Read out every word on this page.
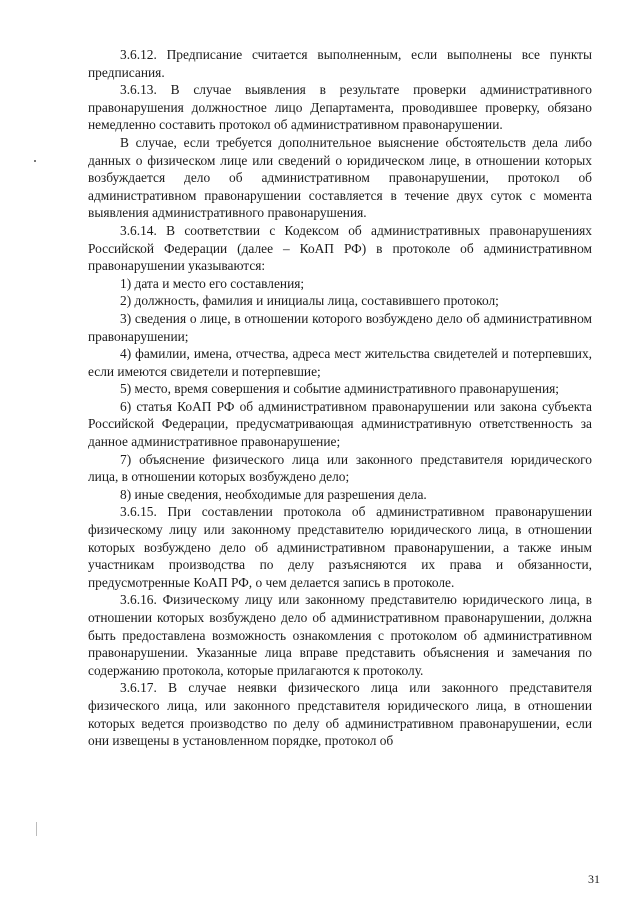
3.6.12. Предписание считается выполненным, если выполнены все пункты предписания.

3.6.13. В случае выявления в результате проверки административного правонарушения должностное лицо Департамента, проводившее проверку, обязано немедленно составить протокол об административном правонарушении.

В случае, если требуется дополнительное выяснение обстоятельств дела либо данных о физическом лице или сведений о юридическом лице, в отношении которых возбуждается дело об административном правонарушении, протокол об административном правонарушении составляется в течение двух суток с момента выявления административного правонарушения.

3.6.14. В соответствии с Кодексом об административных правонарушениях Российской Федерации (далее – КоАП РФ) в протоколе об административном правонарушении указываются:

1) дата и место его составления;

2) должность, фамилия и инициалы лица, составившего протокол;

3) сведения о лице, в отношении которого возбуждено дело об административном правонарушении;

4) фамилии, имена, отчества, адреса мест жительства свидетелей и потерпевших, если имеются свидетели и потерпевшие;

5) место, время совершения и событие административного правонарушения;

6) статья КоАП РФ об административном правонарушении или закона субъекта Российской Федерации, предусматривающая административную ответственность за данное административное правонарушение;

7) объяснение физического лица или законного представителя юридического лица, в отношении которых возбуждено дело;

8) иные сведения, необходимые для разрешения дела.

3.6.15. При составлении протокола об административном правонарушении физическому лицу или законному представителю юридического лица, в отношении которых возбуждено дело об административном правонарушении, а также иным участникам производства по делу разъясняются их права и обязанности, предусмотренные КоАП РФ, о чем делается запись в протоколе.

3.6.16. Физическому лицу или законному представителю юридического лица, в отношении которых возбуждено дело об административном правонарушении, должна быть предоставлена возможность ознакомления с протоколом об административном правонарушении. Указанные лица вправе представить объяснения и замечания по содержанию протокола, которые прилагаются к протоколу.

3.6.17. В случае неявки физического лица или законного представителя физического лица, или законного представителя юридического лица, в отношении которых ведется производство по делу об административном правонарушении, если они извещены в установленном порядке, протокол об

31
